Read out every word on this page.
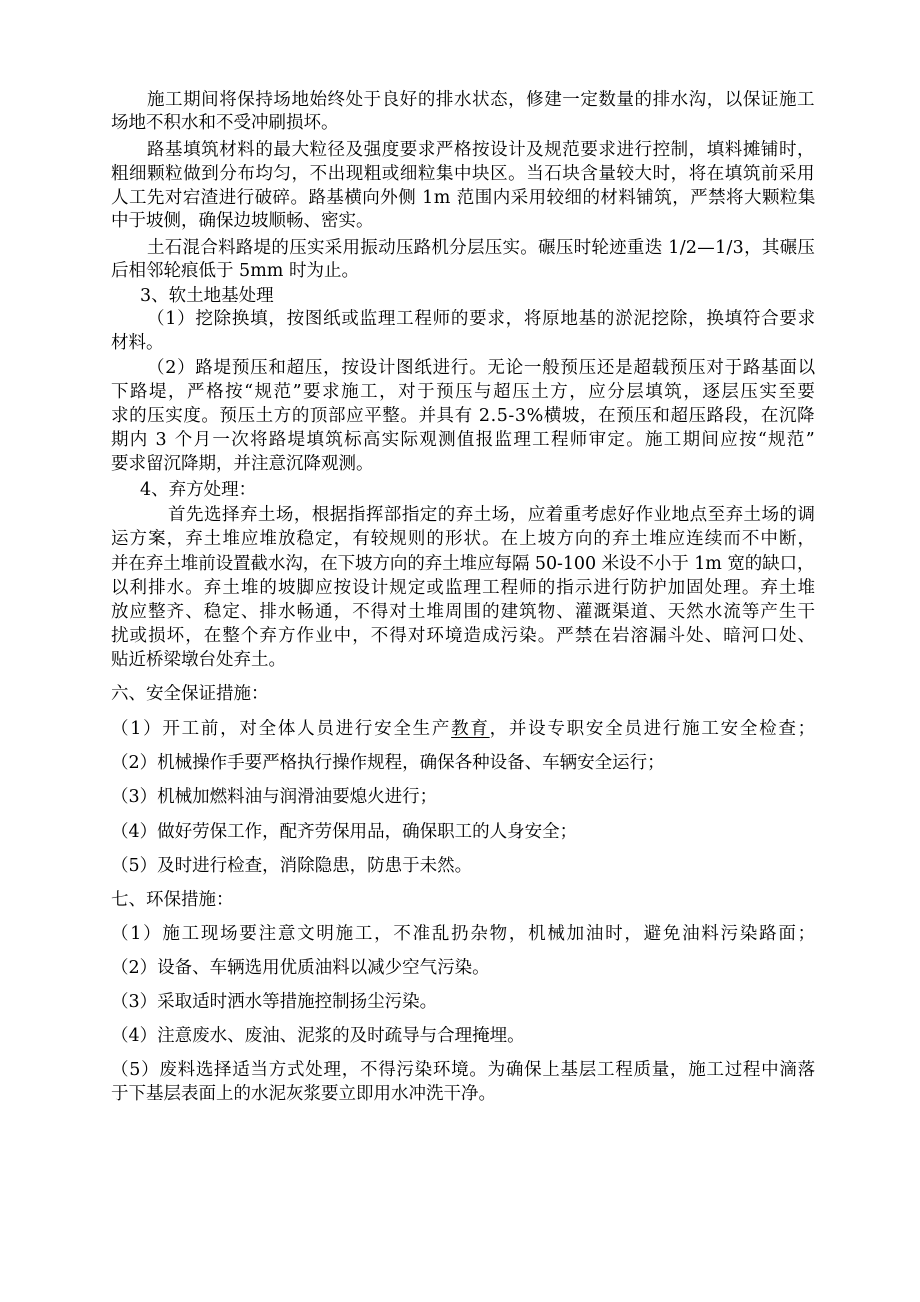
施工期间将保持场地始终处于良好的排水状态，修建一定数量的排水沟，以保证施工
场地不积水和不受冲刷损坏。
路基填筑材料的最大粒径及强度要求严格按设计及规范要求进行控制，填料摊铺时，
粗细颗粒做到分布均匀，不出现粗或细粒集中块区。当石块含量较大时，将在填筑前采用
人工先对宕渣进行破碎。路基横向外侧 1m 范围内采用较细的材料铺筑，严禁将大颗粒集
中于坡侧，确保边坡顺畅、密实。
土石混合料路堤的压实采用振动压路机分层压实。碾压时轮迹重迭 1/2—1/3，其碾压
后相邻轮痕低于 5mm 时为止。
3、软土地基处理
（1）挖除换填，按图纸或监理工程师的要求，将原地基的淤泥挖除，换填符合要求
材料。
（2）路堤预压和超压，按设计图纸进行。无论一般预压还是超载预压对于路基面以
下路堤，严格按“规范”要求施工，对于预压与超压土方，应分层填筑，逐层压实至要
求的压实度。预压土方的顶部应平整。并具有 2.5-3%横坡，在预压和超压路段，在沉降
期内 3 个月一次将路堤填筑标高实际观测值报监理工程师审定。施工期间应按“规范”
要求留沉降期，并注意沉降观测。
4、弃方处理：
首先选择弃土场，根据指挥部指定的弃土场，应着重考虑好作业地点至弃土场的调
运方案，弃土堆应堆放稳定，有较规则的形状。在上坡方向的弃土堆应连续而不中断，
并在弃土堆前设置截水沟，在下坡方向的弃土堆应每隔 50-100 米设不小于 1m 宽的缺口，
以利排水。弃土堆的坡脚应按设计规定或监理工程师的指示进行防护加固处理。弃土堆
放应整齐、稳定、排水畅通，不得对土堆周围的建筑物、灌溉渠道、天然水流等产生干
扰或损坏，在整个弃方作业中，不得对环境造成污染。严禁在岩溶漏斗处、暗河口处、
贴近桥梁墩台处弃土。
六、安全保证措施：
（1）开工前，对全体人员进行安全生产教育，并设专职安全员进行施工安全检查；
（2）机械操作手要严格执行操作规程，确保各种设备、车辆安全运行；
（3）机械加燃料油与润滑油要熄火进行；
（4）做好劳保工作，配齐劳保用品，确保职工的人身安全；
（5）及时进行检查，消除隐患，防患于未然。
七、环保措施：
（1）施工现场要注意文明施工，不准乱扔杂物，机械加油时，避免油料污染路面；
（2）设备、车辆选用优质油料以减少空气污染。
（3）采取适时洒水等措施控制扬尘污染。
（4）注意废水、废油、泥浆的及时疏导与合理掩埋。
（5）废料选择适当方式处理，不得污染环境。为确保上基层工程质量，施工过程中滴落
于下基层表面上的水泥灰浆要立即用水冲洗干净。
